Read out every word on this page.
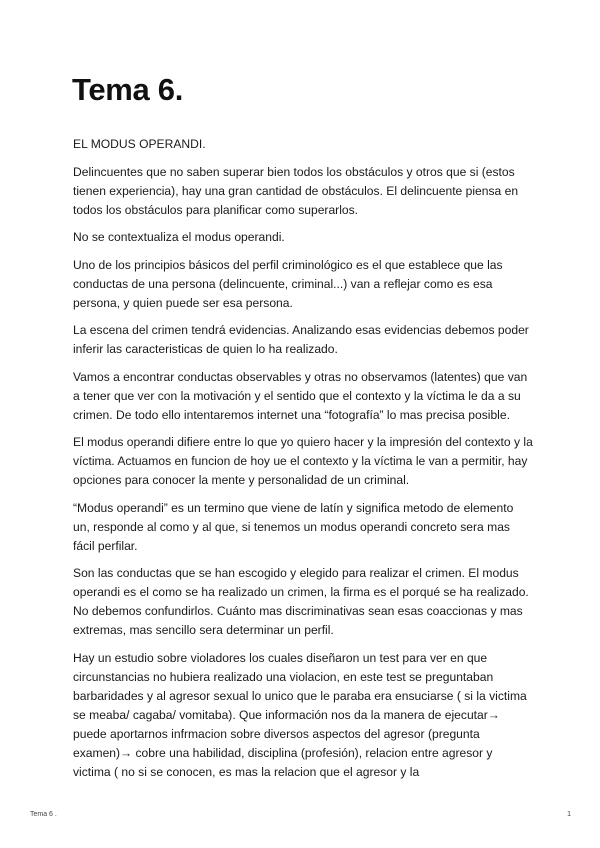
Tema 6.

EL MODUS OPERANDI.

Delincuentes que no saben superar bien todos los obstáculos y otros que si (estos tienen experiencia), hay una gran cantidad de obstáculos. El delincuente piensa en todos los obstáculos para planificar como superarlos.

No se contextualiza el modus operandi.

Uno de los principios básicos del perfil criminológico es el que establece que las conductas de una persona (delincuente, criminal...) van a reflejar como es esa persona, y quien puede ser esa persona.

La escena del crimen tendrá evidencias. Analizando esas evidencias debemos poder inferir las caracteristicas de quien lo ha realizado.

Vamos a encontrar conductas observables y otras no observamos (latentes) que van a tener que ver con la motivación y el sentido que el contexto y la víctima le da a su crimen. De todo ello intentaremos internet una “fotografía” lo mas precisa posible.

El modus operandi difiere entre lo que yo quiero hacer y la impresión del contexto y la víctima. Actuamos en funcion de hoy ue el contexto y la víctima le van a permitir, hay opciones para conocer la mente y personalidad de un criminal.

“Modus operandi” es un termino que viene de latín y significa metodo de elemento un, responde al como y al que, si tenemos un modus operandi concreto sera mas fácil perfilar.

Son las conductas que se han escogido y elegido para realizar el crimen. El modus operandi es el como se ha realizado un crimen, la firma es el porqué se ha realizado. No debemos confundirlos. Cuánto mas discriminativas sean esas coaccionas y mas extremas, mas sencillo sera determinar un perfil.

Hay un estudio sobre violadores los cuales diseñaron un test para ver en que circunstancias no hubiera realizado una violacion, en este test se preguntaban barbaridades y al agresor sexual lo unico que le paraba era ensuciarse ( si la victima se meaba/ cagaba/ vomitaba). Que información nos da la manera de ejecutar→ puede aportarnos infrmacion sobre diversos aspectos del agresor (pregunta examen)→ cobre una habilidad, disciplina (profesión), relacion entre agresor y victima ( no si se conocen, es mas la relacion que el agresor y la

Tema 6 .	1
